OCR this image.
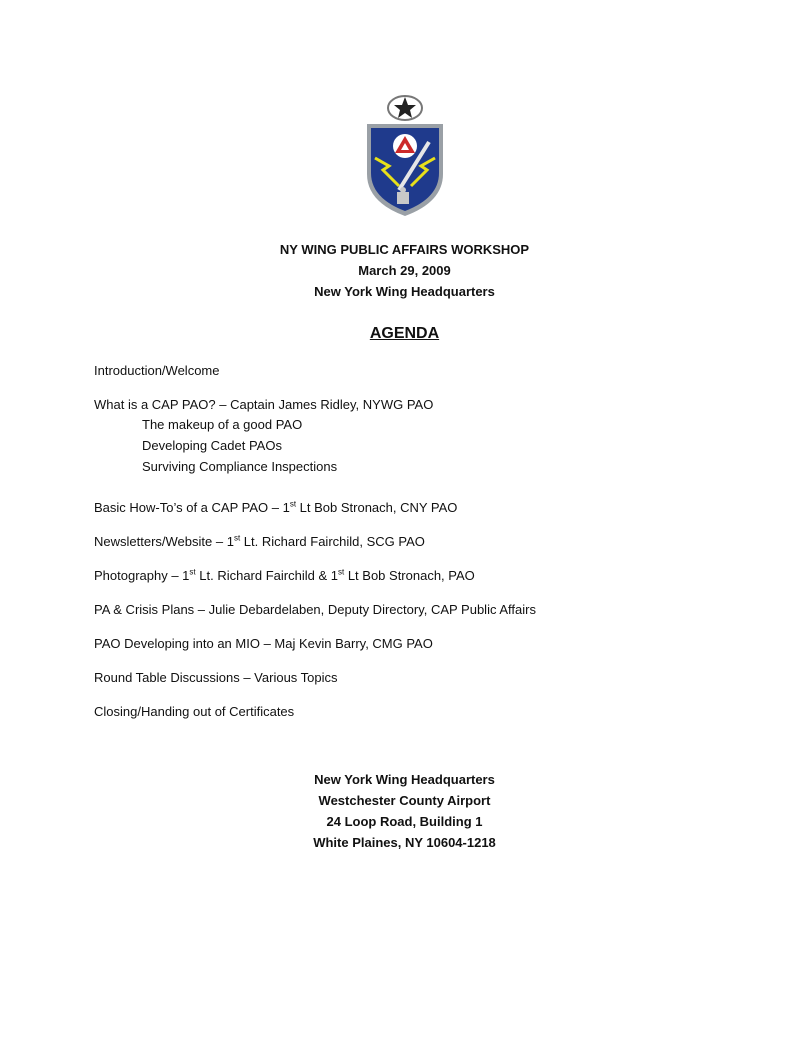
NY WING PUBLIC AFFAIRS WORKSHOP
March 29, 2009
New York Wing Headquarters
AGENDA
Introduction/Welcome
What is a CAP PAO? – Captain James Ridley, NYWG PAO
The makeup of a good PAO
Developing Cadet PAOs
Surviving Compliance Inspections
Basic How-To’s of a CAP PAO – 1st Lt Bob Stronach, CNY PAO
Newsletters/Website – 1st Lt. Richard Fairchild, SCG PAO
Photography – 1st Lt. Richard Fairchild & 1st Lt Bob Stronach, PAO
PA & Crisis Plans – Julie Debardelaben, Deputy Directory, CAP Public Affairs
PAO Developing into an MIO – Maj Kevin Barry, CMG PAO
Round Table Discussions – Various Topics
Closing/Handing out of Certificates
New York Wing Headquarters
Westchester County Airport
24 Loop Road, Building 1
White Plaines, NY 10604-1218
